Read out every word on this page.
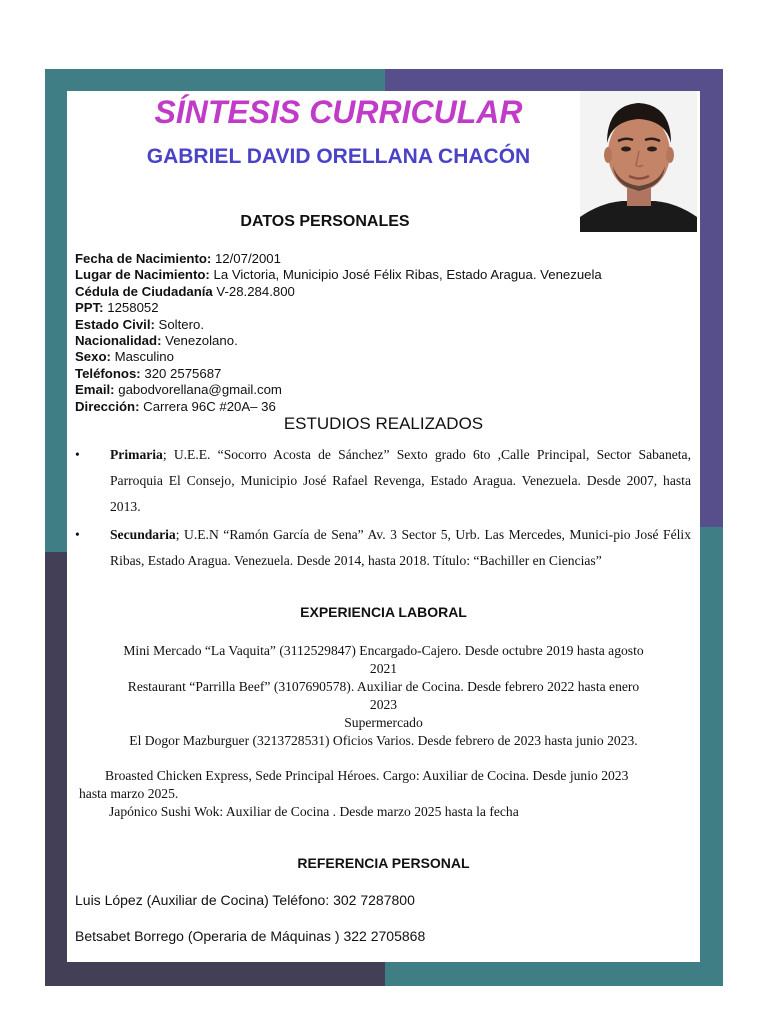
SÍNTESIS CURRICULAR
GABRIEL DAVID ORELLANA CHACÓN
DATOS PERSONALES
Fecha de Nacimiento: 12/07/2001
Lugar de Nacimiento: La Victoria, Municipio José Félix Ribas, Estado Aragua. Venezuela
Cédula de Ciudadanía V-28.284.800
PPT: 1258052
Estado Civil: Soltero.
Nacionalidad: Venezolano.
Sexo: Masculino
Teléfonos: 320 2575687
Email: gabodvorellana@gmail.com
Dirección: Carrera 96C #20A– 36
ESTUDIOS REALIZADOS
• Primaria; U.E.E. “Socorro Acosta de Sánchez” Sexto grado 6to ,Calle Principal, Sector Sabaneta, Parroquia El Consejo, Municipio José Rafael Revenga, Estado Aragua. Venezuela. Desde 2007, hasta 2013.
• Secundaria; U.E.N “Ramón García de Sena” Av. 3 Sector 5, Urb. Las Mercedes, Munici-pio José Félix Ribas, Estado Aragua. Venezuela. Desde 2014, hasta 2018. Título: “Bachiller en Ciencias”
EXPERIENCIA LABORAL
Mini Mercado “La Vaquita” (3112529847) Encargado-Cajero. Desde octubre 2019 hasta agosto
2021
Restaurant “Parrilla Beef” (3107690578). Auxiliar de Cocina. Desde febrero 2022 hasta enero
2023
Supermercado
El Dogor Mazburguer (3213728531) Oficios Varios. Desde febrero de 2023 hasta junio 2023.
Broasted Chicken Express, Sede Principal Héroes. Cargo: Auxiliar de Cocina. Desde junio 2023
hasta marzo 2025.
Japónico Sushi Wok: Auxiliar de Cocina . Desde marzo 2025 hasta la fecha
REFERENCIA PERSONAL
Luis López (Auxiliar de Cocina) Teléfono: 302 7287800
Betsabet Borrego (Operaria de Máquinas ) 322 2705868
